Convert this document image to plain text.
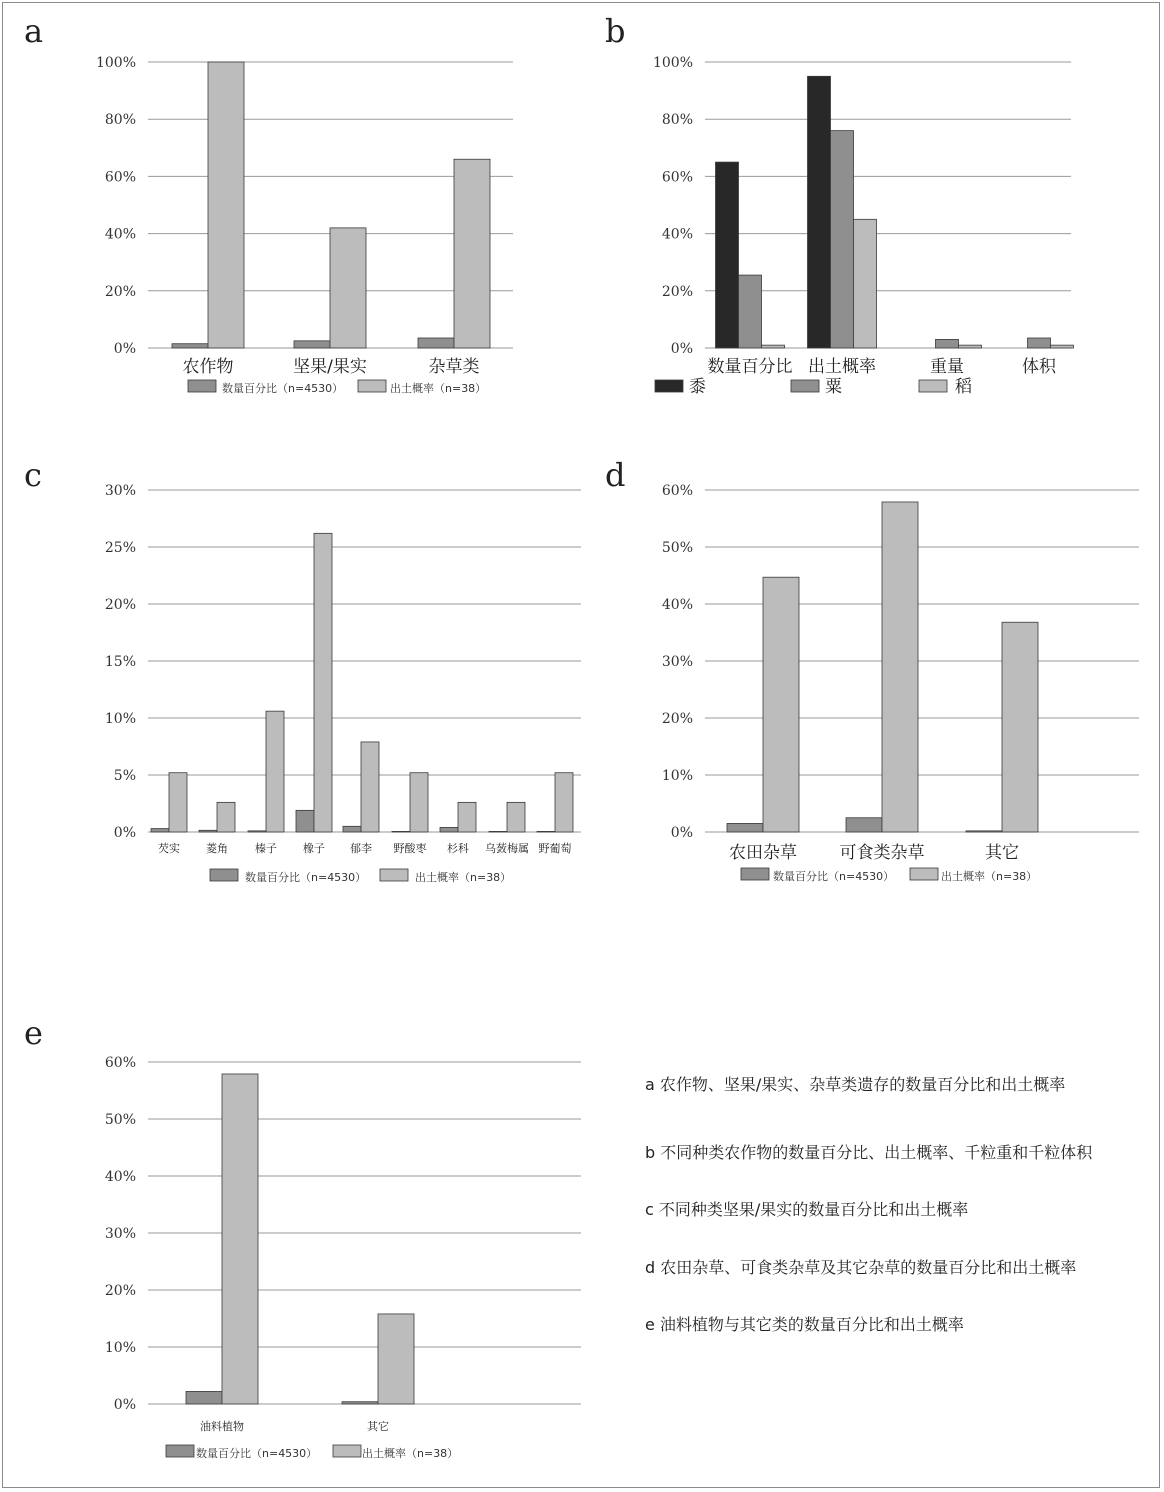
a
0%
20%
40%
60%
80%
100%
农作物	坚果/果实	杂草类
数量百分比（n=4530）	出土概率（n=38）
b
0%
20%
40%
60%
80%
100%
数量百分比 出土概率	重量	体积
黍	粟	稻
c
0%
5%
10%
15%
20%
25%
30%
芡实 菱角 榛子 橡子 郁李 野酸枣 杉科 乌蔹梅属 野葡萄
数量百分比（n=4530）	出土概率（n=38）
d
0%
10%
20%
30%
40%
50%
60%
农田杂草	可食类杂草	其它
数量百分比（n=4530）	出土概率（n=38）
e
0%
10%
20%
30%
40%
50%
60%
油料植物	其它
数量百分比（n=4530）	出土概率（n=38）
a 农作物、坚果/果实、杂草类遗存的数量百分比和出土概率
b 不同种类农作物的数量百分比、出土概率、千粒重和千粒体积
c 不同种类坚果/果实的数量百分比和出土概率
d 农田杂草、可食类杂草及其它杂草的数量百分比和出土概率
e 油料植物与其它类的数量百分比和出土概率
